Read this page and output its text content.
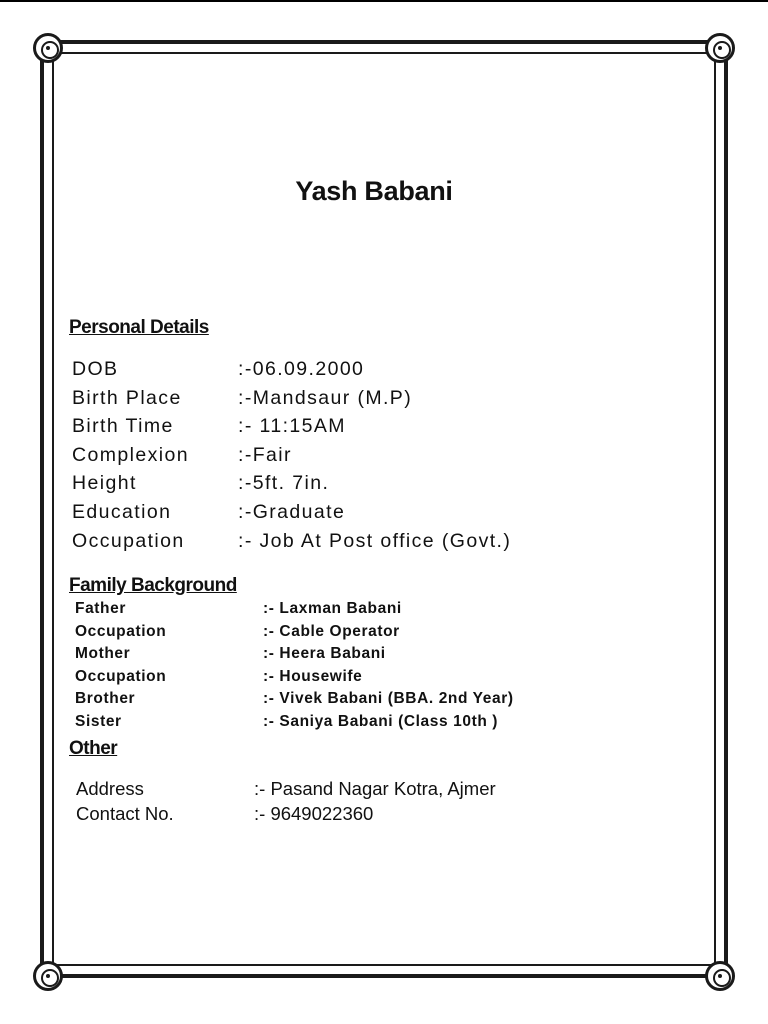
Yash Babani
Personal Details
DOB	:-06.09.2000
Birth Place	:-Mandsaur (M.P)
Birth Time	:- 11:15AM
Complexion	:-Fair
Height	:-5ft. 7in.
Education	:-Graduate
Occupation	:- Job At Post office (Govt.)
Family Background
Father	:- Laxman Babani
Occupation	:- Cable Operator
Mother	:- Heera Babani
Occupation	:- Housewife
Brother	:- Vivek Babani (BBA. 2nd Year)
Sister	:- Saniya Babani (Class 10th )
Other
Address	:- Pasand Nagar Kotra, Ajmer
Contact No.	:- 9649022360
